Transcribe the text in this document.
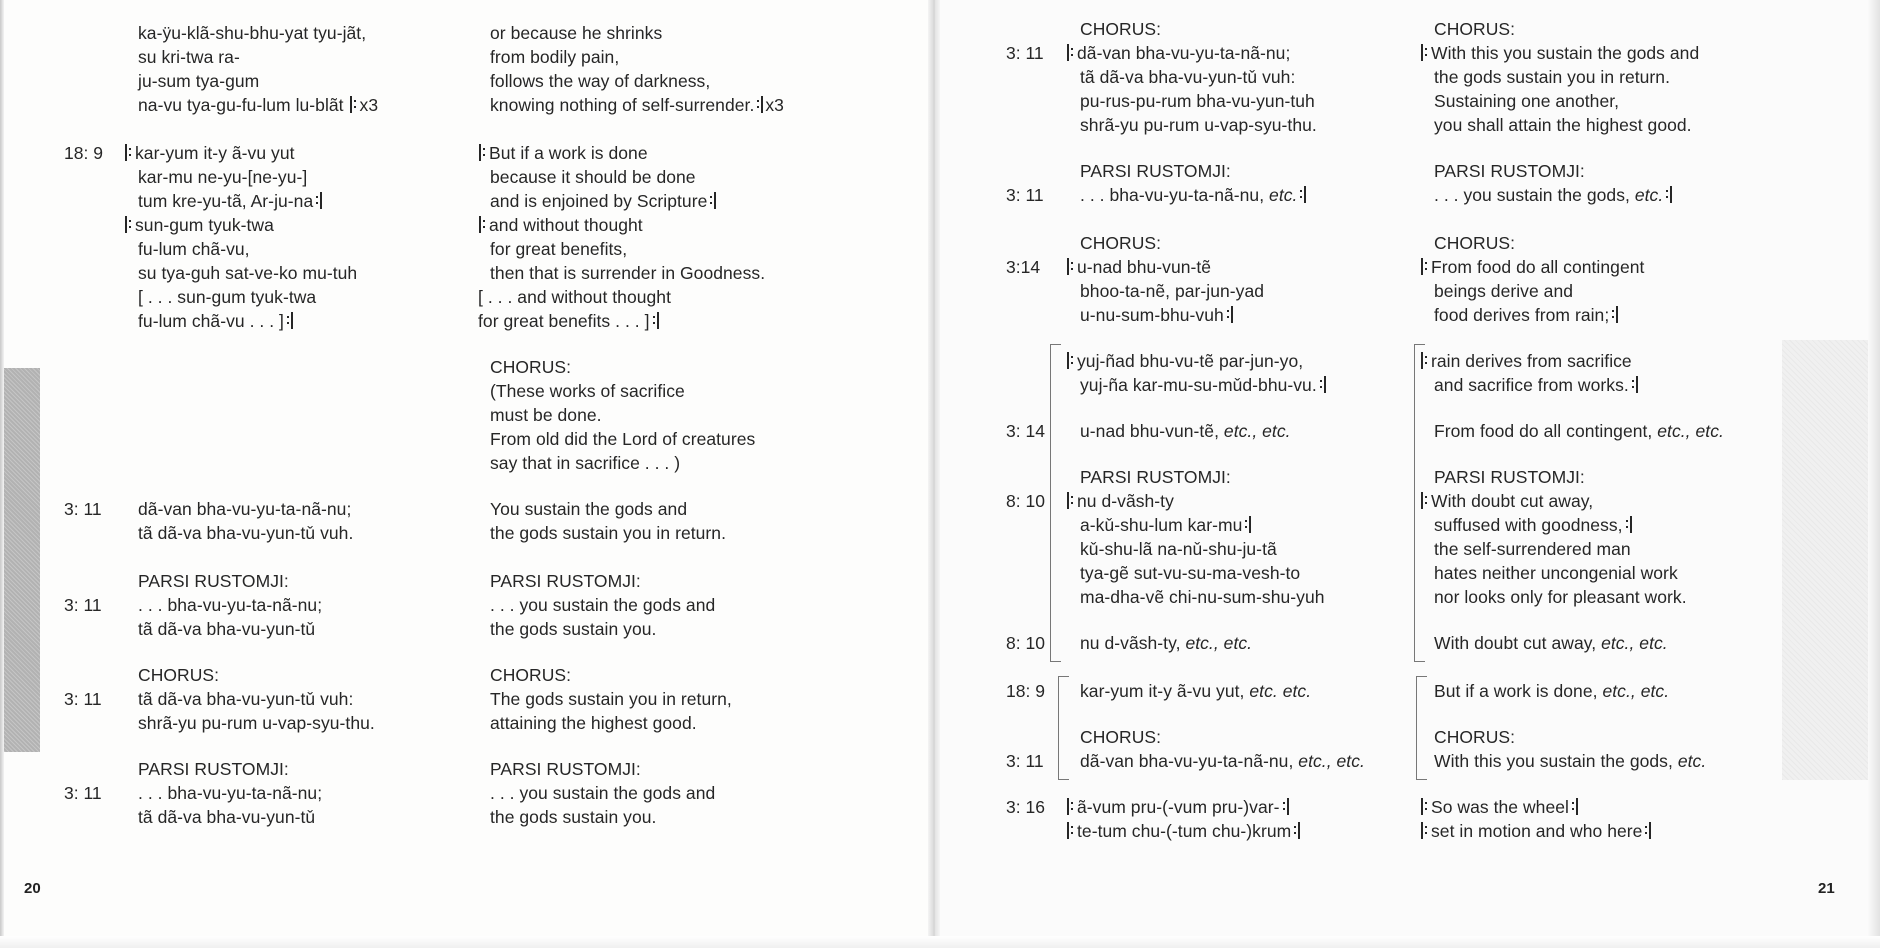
20	21
ka-ÿu-klã-shu-bhu-yat tyu-jãt,	or because he shrinks
su kri-twa ra-	from bodily pain,
ju-sum tya-gum	follows the way of darkness,
na-vu tya-gu-fu-lum lu-blãt x3	knowing nothing of self-surrender. x3
18: 9	kar-yum it-y ã-vu yut	But if a work is done
kar-mu ne-yu-[ne-yu-]	because it should be done
tum kre-yu-tã, Ar-ju-na	and is enjoined by Scripture
sun-gum tyuk-twa	and without thought
fu-lum chã-vu,	for great benefits,
su tya-guh sat-ve-ko mu-tuh	then that is surrender in Goodness.
[ . . . sun-gum tyuk-twa	[ . . . and without thought
fu-lum chã-vu . . . ]	for great benefits . . . ]
CHORUS:
(These works of sacrifice
must be done.
From old did the Lord of creatures
say that in sacrifice . . . )
3: 11 dã-van bha-vu-yu-ta-nã-nu;	You sustain the gods and
tã dã-va bha-vu-yun-tǔ vuh.	the gods sustain you in return.
PARSI RUSTOMJI:	PARSI RUSTOMJI:
3: 11 . . . bha-vu-yu-ta-nã-nu;	. . . you sustain the gods and
tã dã-va bha-vu-yun-tǔ	the gods sustain you.
CHORUS:	CHORUS:
3: 11 tã dã-va bha-vu-yun-tǔ vuh:	The gods sustain you in return,
shrã-yu pu-rum u-vap-syu-thu.	attaining the highest good.
PARSI RUSTOMJI:	PARSI RUSTOMJI:
3: 11 . . . bha-vu-yu-ta-nã-nu;	. . . you sustain the gods and
tã dã-va bha-vu-yun-tǔ	the gods sustain you.
CHORUS:	CHORUS:
3: 11	dã-van bha-vu-yu-ta-nã-nu;	With this you sustain the gods and
tã dã-va bha-vu-yun-tǔ vuh:	the gods sustain you in return.
pu-rus-pu-rum bha-vu-yun-tuh	Sustaining one another,
shrã-yu pu-rum u-vap-syu-thu.	you shall attain the highest good.
PARSI RUSTOMJI:	PARSI RUSTOMJI:
3: 11 . . . bha-vu-yu-ta-nã-nu, etc.	. . . you sustain the gods, etc.
CHORUS:	CHORUS:
3:14	u-nad bhu-vun-tẽ	From food do all contingent
bhoo-ta-nẽ, par-jun-yad	beings derive and
u-nu-sum-bhu-vuh	food derives from rain;
yuj-ñad bhu-vu-tẽ par-jun-yo,	rain derives from sacrifice
yuj-ña kar-mu-su-mǔd-bhu-vu.	and sacrifice from works.
3: 14 u-nad bhu-vun-tẽ, etc., etc.	From food do all contingent, etc., etc.
PARSI RUSTOMJI:	PARSI RUSTOMJI:
8: 10	nu d-vãsh-ty	With doubt cut away,
a-kǔ-shu-lum kar-mu	suffused with goodness,
kǔ-shu-lã na-nǔ-shu-ju-tã	the self-surrendered man
tya-gẽ sut-vu-su-ma-vesh-to	hates neither uncongenial work
ma-dha-vẽ chi-nu-sum-shu-yuh	nor looks only for pleasant work.
8: 10 nu d-vãsh-ty, etc., etc.	With doubt cut away, etc., etc.
18: 9 kar-yum it-y ã-vu yut, etc. etc.	But if a work is done, etc., etc.
CHORUS:	CHORUS:
3: 11 dã-van bha-vu-yu-ta-nã-nu, etc., etc.	With this you sustain the gods, etc.
3: 16	ã-vum pru-(-vum pru-)var-	So was the wheel
te-tum chu-(-tum chu-)krum	set in motion and who here
